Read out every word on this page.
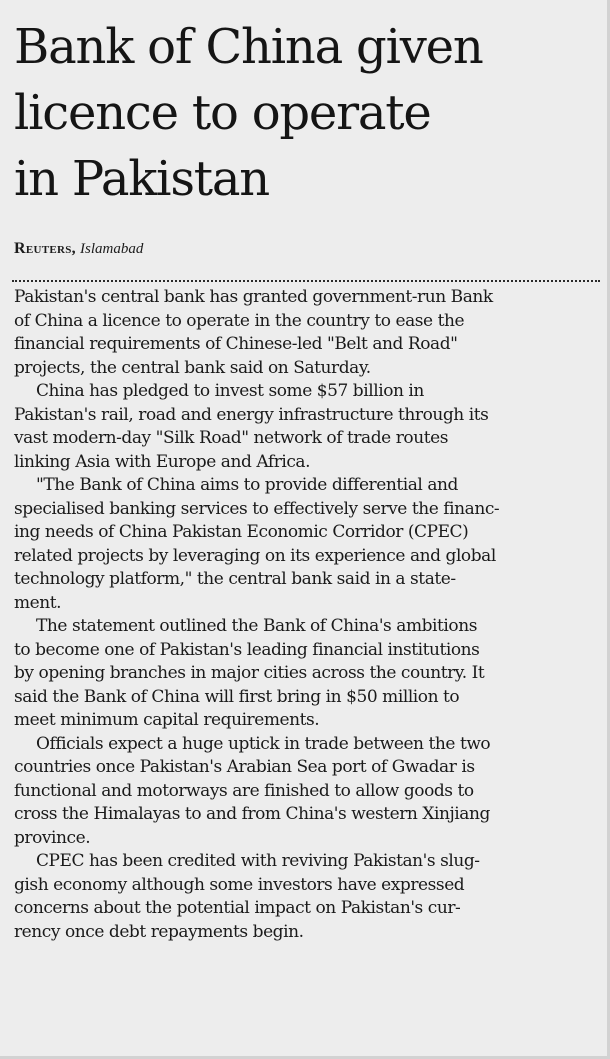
Bank of China given
licence to operate
in Pakistan
Reuters, Islamabad

Pakistan's central bank has granted government-run Bank
of China a licence to operate in the country to ease the
financial requirements of Chinese-led "Belt and Road"
projects, the central bank said on Saturday.

China has pledged to invest some $57 billion in
Pakistan's rail, road and energy infrastructure through its
vast modern-day "Silk Road" network of trade routes
linking Asia with Europe and Africa.

"The Bank of China aims to provide differential and
specialised banking services to effectively serve the financ-
ing needs of China Pakistan Economic Corridor (CPEC)
related projects by leveraging on its experience and global
technology platform," the central bank said in a state-
ment.

The statement outlined the Bank of China's ambitions
to become one of Pakistan's leading financial institutions
by opening branches in major cities across the country. It
said the Bank of China will first bring in $50 million to
meet minimum capital requirements.

Officials expect a huge uptick in trade between the two
countries once Pakistan's Arabian Sea port of Gwadar is
functional and motorways are finished to allow goods to
cross the Himalayas to and from China's western Xinjiang
province.

CPEC has been credited with reviving Pakistan's slug-
gish economy although some investors have expressed
concerns about the potential impact on Pakistan's cur-
rency once debt repayments begin.
